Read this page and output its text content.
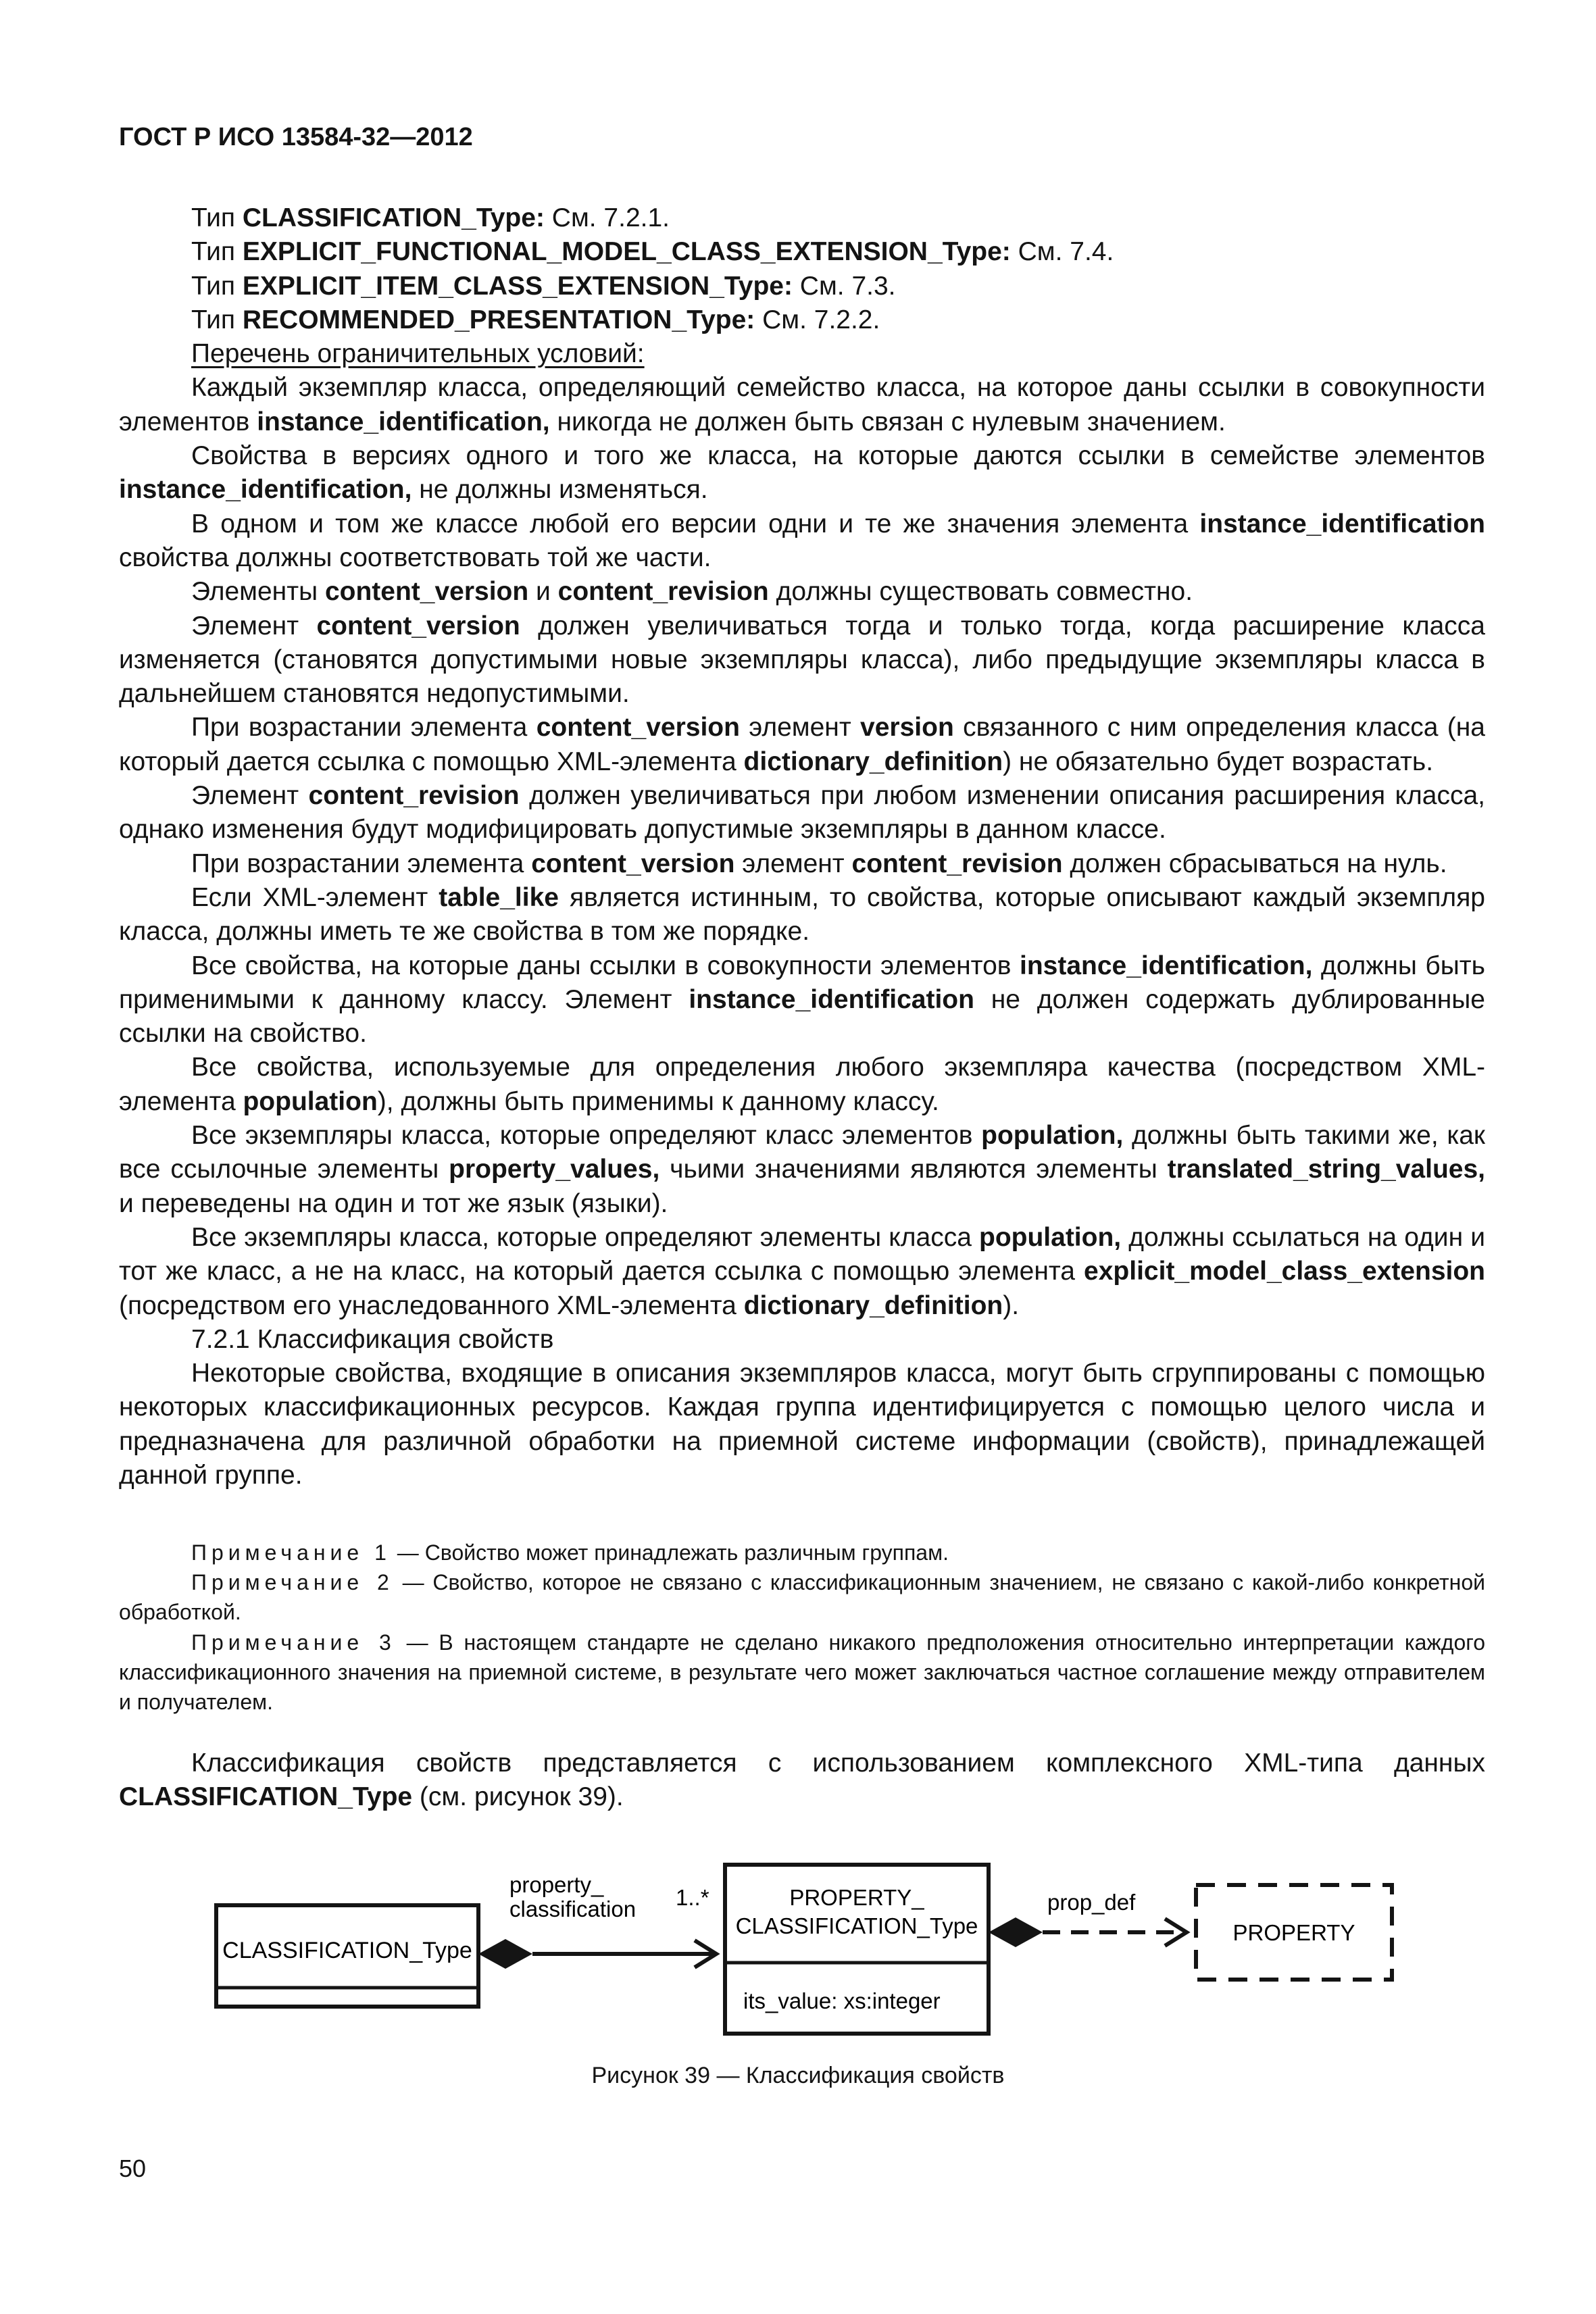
ГОСТ Р ИСО 13584-32—2012

Тип CLASSIFICATION_Type: См. 7.2.1.

Тип EXPLICIT_FUNCTIONAL_MODEL_CLASS_EXTENSION_Type: См. 7.4.

Тип EXPLICIT_ITEM_CLASS_EXTENSION_Type: См. 7.3.

Тип RECOMMENDED_PRESENTATION_Type: См. 7.2.2.

Перечень ограничительных условий:

Каждый экземпляр класса, определяющий семейство класса, на которое даны ссылки в совокупности элементов instance_identification, никогда не должен быть связан с нулевым значением.

Свойства в версиях одного и того же класса, на которые даются ссылки в семействе элементов instance_identification, не должны изменяться.

В одном и том же классе любой его версии одни и те же значения элемента instance_identification свойства должны соответствовать той же части.

Элементы content_version и content_revision должны существовать совместно.

Элемент content_version должен увеличиваться тогда и только тогда, когда расширение класса изменяется (становятся допустимыми новые экземпляры класса), либо предыдущие экземпляры класса в дальнейшем становятся недопустимыми.

При возрастании элемента content_version элемент version связанного с ним определения класса (на который дается ссылка с помощью XML-элемента dictionary_definition) не обязательно будет возрастать.

Элемент content_revision должен увеличиваться при любом изменении описания расширения класса, однако изменения будут модифицировать допустимые экземпляры в данном классе.

При возрастании элемента content_version элемент content_revision должен сбрасываться на нуль.

Если XML-элемент table_like является истинным, то свойства, которые описывают каждый экземпляр класса, должны иметь те же свойства в том же порядке.

Все свойства, на которые даны ссылки в совокупности элементов instance_identification, должны быть применимыми к данному классу. Элемент instance_identification не должен содержать дублированные ссылки на свойство.

Все свойства, используемые для определения любого экземпляра качества (посредством XML-элемента population), должны быть применимы к данному классу.

Все экземпляры класса, которые определяют класс элементов population, должны быть такими же, как все ссылочные элементы property_values, чьими значениями являются элементы translated_string_values, и переведены на один и тот же язык (языки).

Все экземпляры класса, которые определяют элементы класса population, должны ссылаться на один и тот же класс, а не на класс, на который дается ссылка с помощью элемента explicit_model_class_extension (посредством его унаследованного XML-элемента dictionary_definition).

7.2.1 Классификация свойств

Некоторые свойства, входящие в описания экземпляров класса, могут быть сгруппированы с помощью некоторых классификационных ресурсов. Каждая группа идентифицируется с помощью целого числа и предназначена для различной обработки на приемной системе информации (свойств), принадлежащей данной группе.

Примечание 1 — Свойство может принадлежать различным группам.

Примечание 2 — Свойство, которое не связано с классификационным значением, не связано с какой-либо конкретной обработкой.

Примечание 3 — В настоящем стандарте не сделано никакого предположения относительно интерпретации каждого классификационного значения на приемной системе, в результате чего может заключаться частное соглашение между отправителем и получателем.

Классификация свойств представляется с использованием комплексного XML-типа данных CLASSIFICATION_Type (см. рисунок 39).

CLASSIFICATION_Type
property_
classification 1..*	PROPERTY_
CLASSIFICATION_Type
its_value: xs:integer
prop_def
PROPERTY
Рисунок 39 — Классификация свойств
50
